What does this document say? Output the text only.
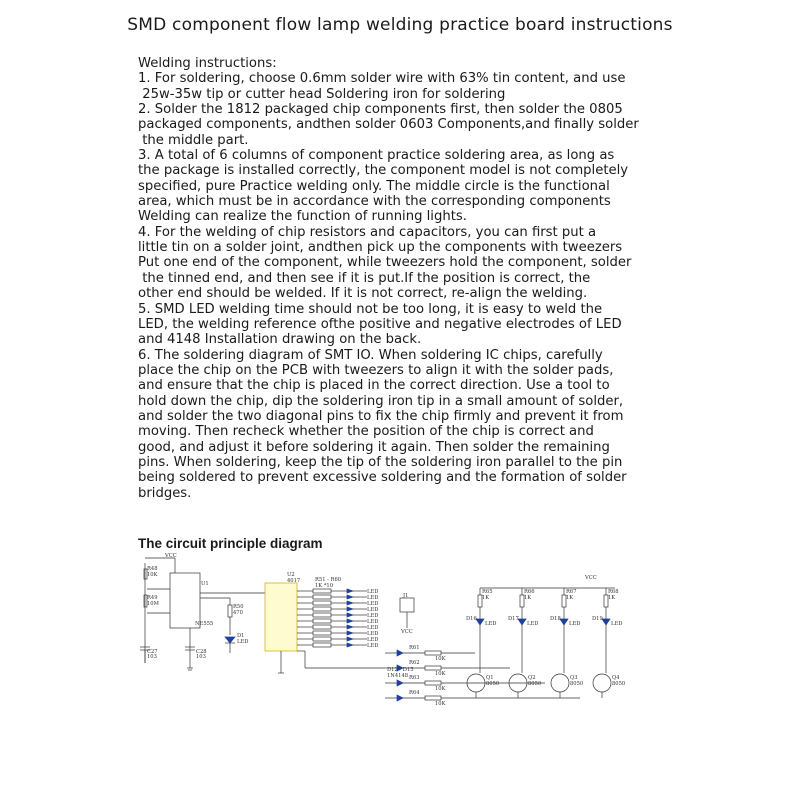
SMD component flow lamp welding practice board instructions
Welding instructions:
1. For soldering, choose 0.6mm solder wire with 63% tin content, and use
25w-35w tip or cutter head Soldering iron for soldering
2. Solder the 1812 packaged chip components first, then solder the 0805
packaged components, andthen solder 0603 Components,and finally solder
the middle part.
3. A total of 6 columns of component practice soldering area, as long as
the package is installed correctly, the component model is not completely
specified, pure Practice welding only. The middle circle is the functional
area, which must be in accordance with the corresponding components
Welding can realize the function of running lights.
4. For the welding of chip resistors and capacitors, you can first put a
little tin on a solder joint, andthen pick up the components with tweezers
Put one end of the component, while tweezers hold the component, solder
the tinned end, and then see if it is put.If the position is correct, the
other end should be welded. If it is not correct, re-align the welding.
5. SMD LED welding time should not be too long, it is easy to weld the
LED, the welding reference ofthe positive and negative electrodes of LED
and 4148 Installation drawing on the back.
6. The soldering diagram of SMT IO. When soldering IC chips, carefully
place the chip on the PCB with tweezers to align it with the solder pads,
and ensure that the chip is placed in the correct direction. Use a tool to
hold down the chip, dip the soldering iron tip in a small amount of solder,
and solder the two diagonal pins to fix the chip firmly and prevent it from
moving. Then recheck whether the position of the chip is correct and
good, and adjust it before soldering it again. Then solder the remaining
pins. When soldering, keep the tip of the soldering iron parallel to the pin
being soldered to prevent excessive soldering and the formation of solder
bridges.
The circuit principle diagram
VCC
R48
10K
R49
10M
U1
NE555
C27
103
C28
103
R50
470
D1
LED
U2
4017	R51 - R60
1K *10
J1
VCC
D12 - D15
1N4148
VCC
LED
LED
LED
LED
LED
LED
LED
LED
LED
LED	R61
10K
R62
10K
R63
10K
R64
10K
R65
1K
D16
LED
Q1
8050
R66
1K
D17
LED
Q2
8050
R67
1K
D18
LED
Q3
8050
R68
1K
D19
LED
Q4
8050
